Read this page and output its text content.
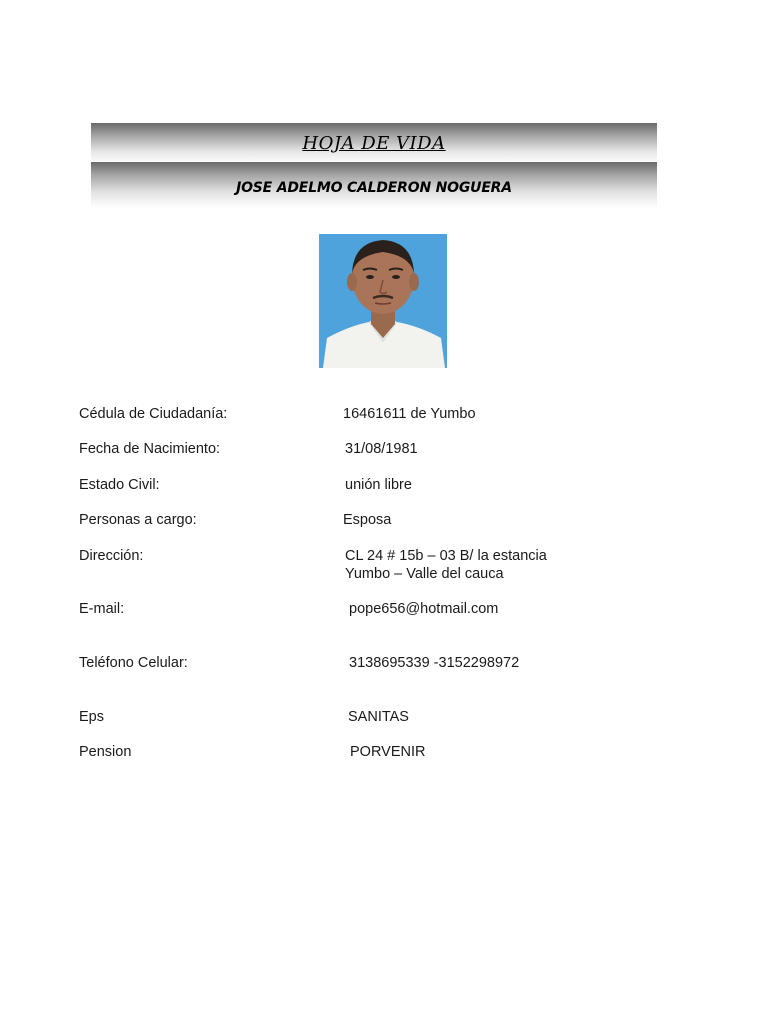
HOJA DE VIDA
JOSE ADELMO CALDERON NOGUERA
Cédula de Ciudadanía:	16461611 de Yumbo
Fecha de Nacimiento:	31/08/1981
Estado Civil:	unión libre
Personas a cargo:	Esposa
Dirección:	CL 24 # 15b – 03 B/ la estancia
Yumbo – Valle del cauca
E-mail:	pope656@hotmail.com
Teléfono Celular:	3138695339 -3152298972
Eps	SANITAS
Pension	PORVENIR
